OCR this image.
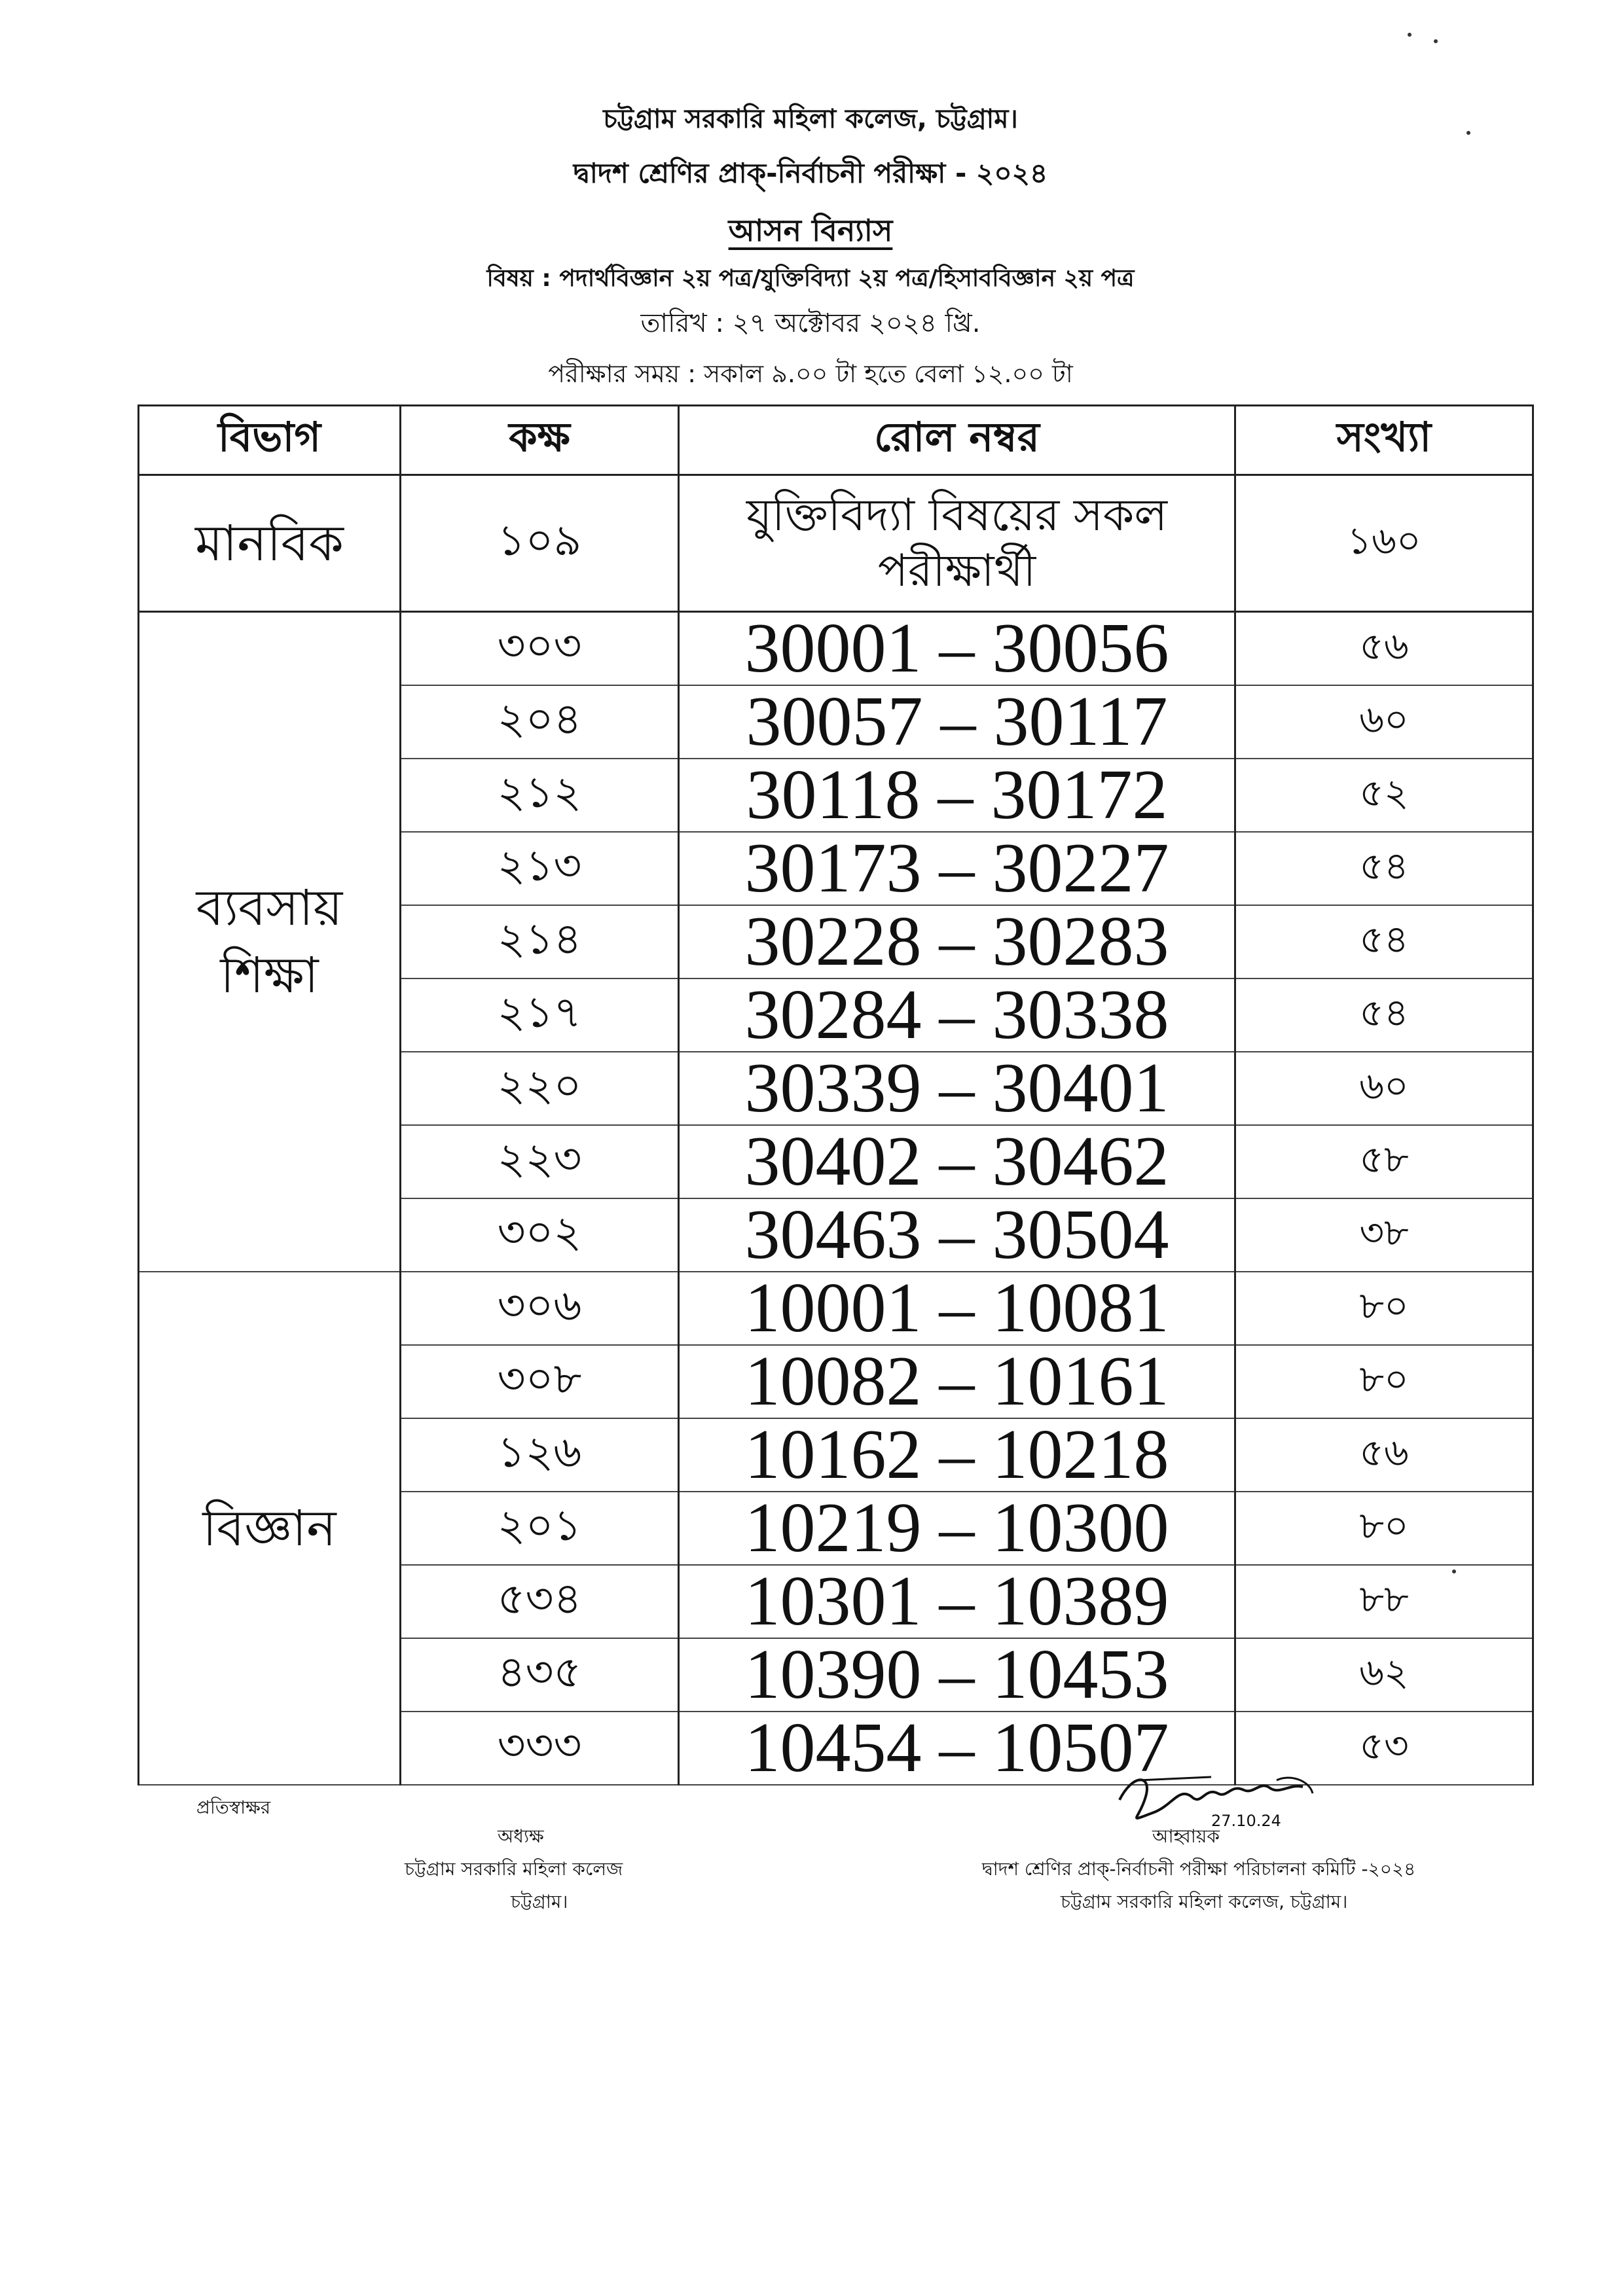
চট্টগ্রাম সরকারি মহিলা কলেজ, চট্টগ্রাম।
দ্বাদশ শ্রেণির প্রাক্-নির্বাচনী পরীক্ষা - ২০২৪
আসন বিন্যাস
বিষয় : পদার্থবিজ্ঞান ২য় পত্র/যুক্তিবিদ্যা ২য় পত্র/হিসাববিজ্ঞান ২য় পত্র
তারিখ : ২৭ অক্টোবর ২০২৪ খ্রি.
পরীক্ষার সময় : সকাল ৯.০০ টা হতে বেলা ১২.০০ টা
বিভাগ	কক্ষ	রোল নম্বর	সংখ্যা
মানবিক	১০৯	যুক্তিবিদ্যা বিষয়ের সকল পরীক্ষার্থী	১৬০
ব্যবসায় শিক্ষা	৩০৩	30001 – 30056	৫৬
	২০৪	30057 – 30117	৬০
	২১২	30118 – 30172	৫২
	২১৩	30173 – 30227	৫৪
	২১৪	30228 – 30283	৫৪
	২১৭	30284 – 30338	৫৪
	২২০	30339 – 30401	৬০
	২২৩	30402 – 30462	৫৮
	৩০২	30463 – 30504	৩৮
বিজ্ঞান	৩০৬	10001 – 10081	৮০
	৩০৮	10082 – 10161	৮০
	১২৬	10162 – 10218	৫৬
	২০১	10219 – 10300	৮০
	৫৩৪	10301 – 10389	৮৮
	৪৩৫	10390 – 10453	৬২
	৩৩৩	10454 – 10507	৫৩
প্রতিস্বাক্ষর
অধ্যক্ষ
চট্টগ্রাম সরকারি মহিলা কলেজ
চট্টগ্রাম।
27.10.24
আহ্বায়ক
দ্বাদশ শ্রেণির প্রাক্-নির্বাচনী পরীক্ষা পরিচালনা কমিটি -২০২৪
চট্টগ্রাম সরকারি মহিলা কলেজ, চট্টগ্রাম।
